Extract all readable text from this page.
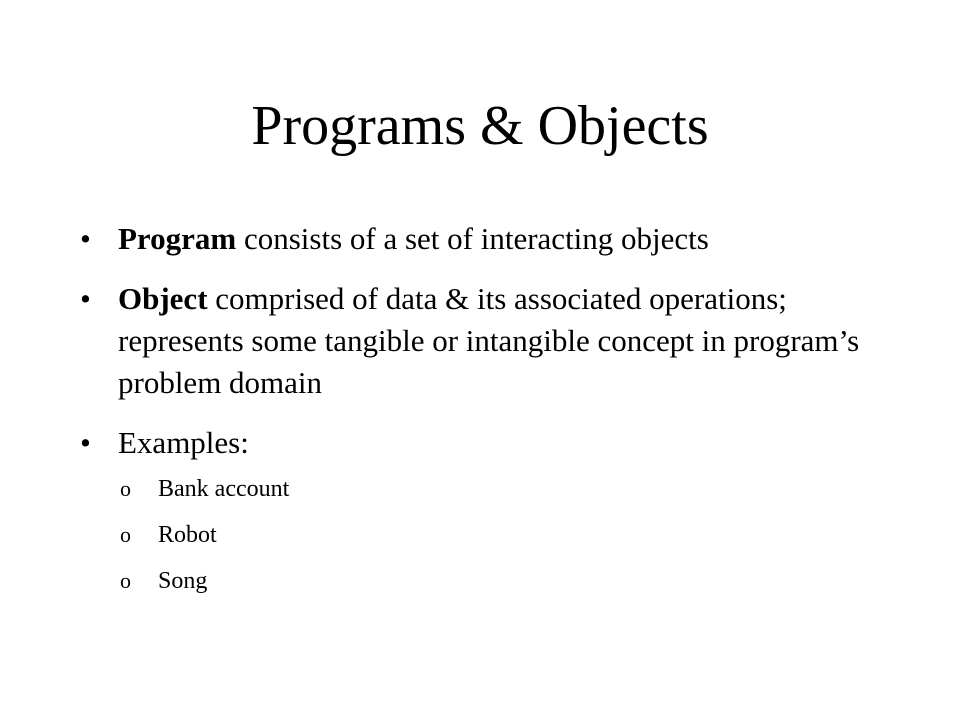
Programs & Objects
• Program consists of a set of interacting objects
• Object comprised of data & its associated operations; represents some tangible or intangible concept in program’s problem domain
• Examples:
o Bank account
o Robot
o Song
